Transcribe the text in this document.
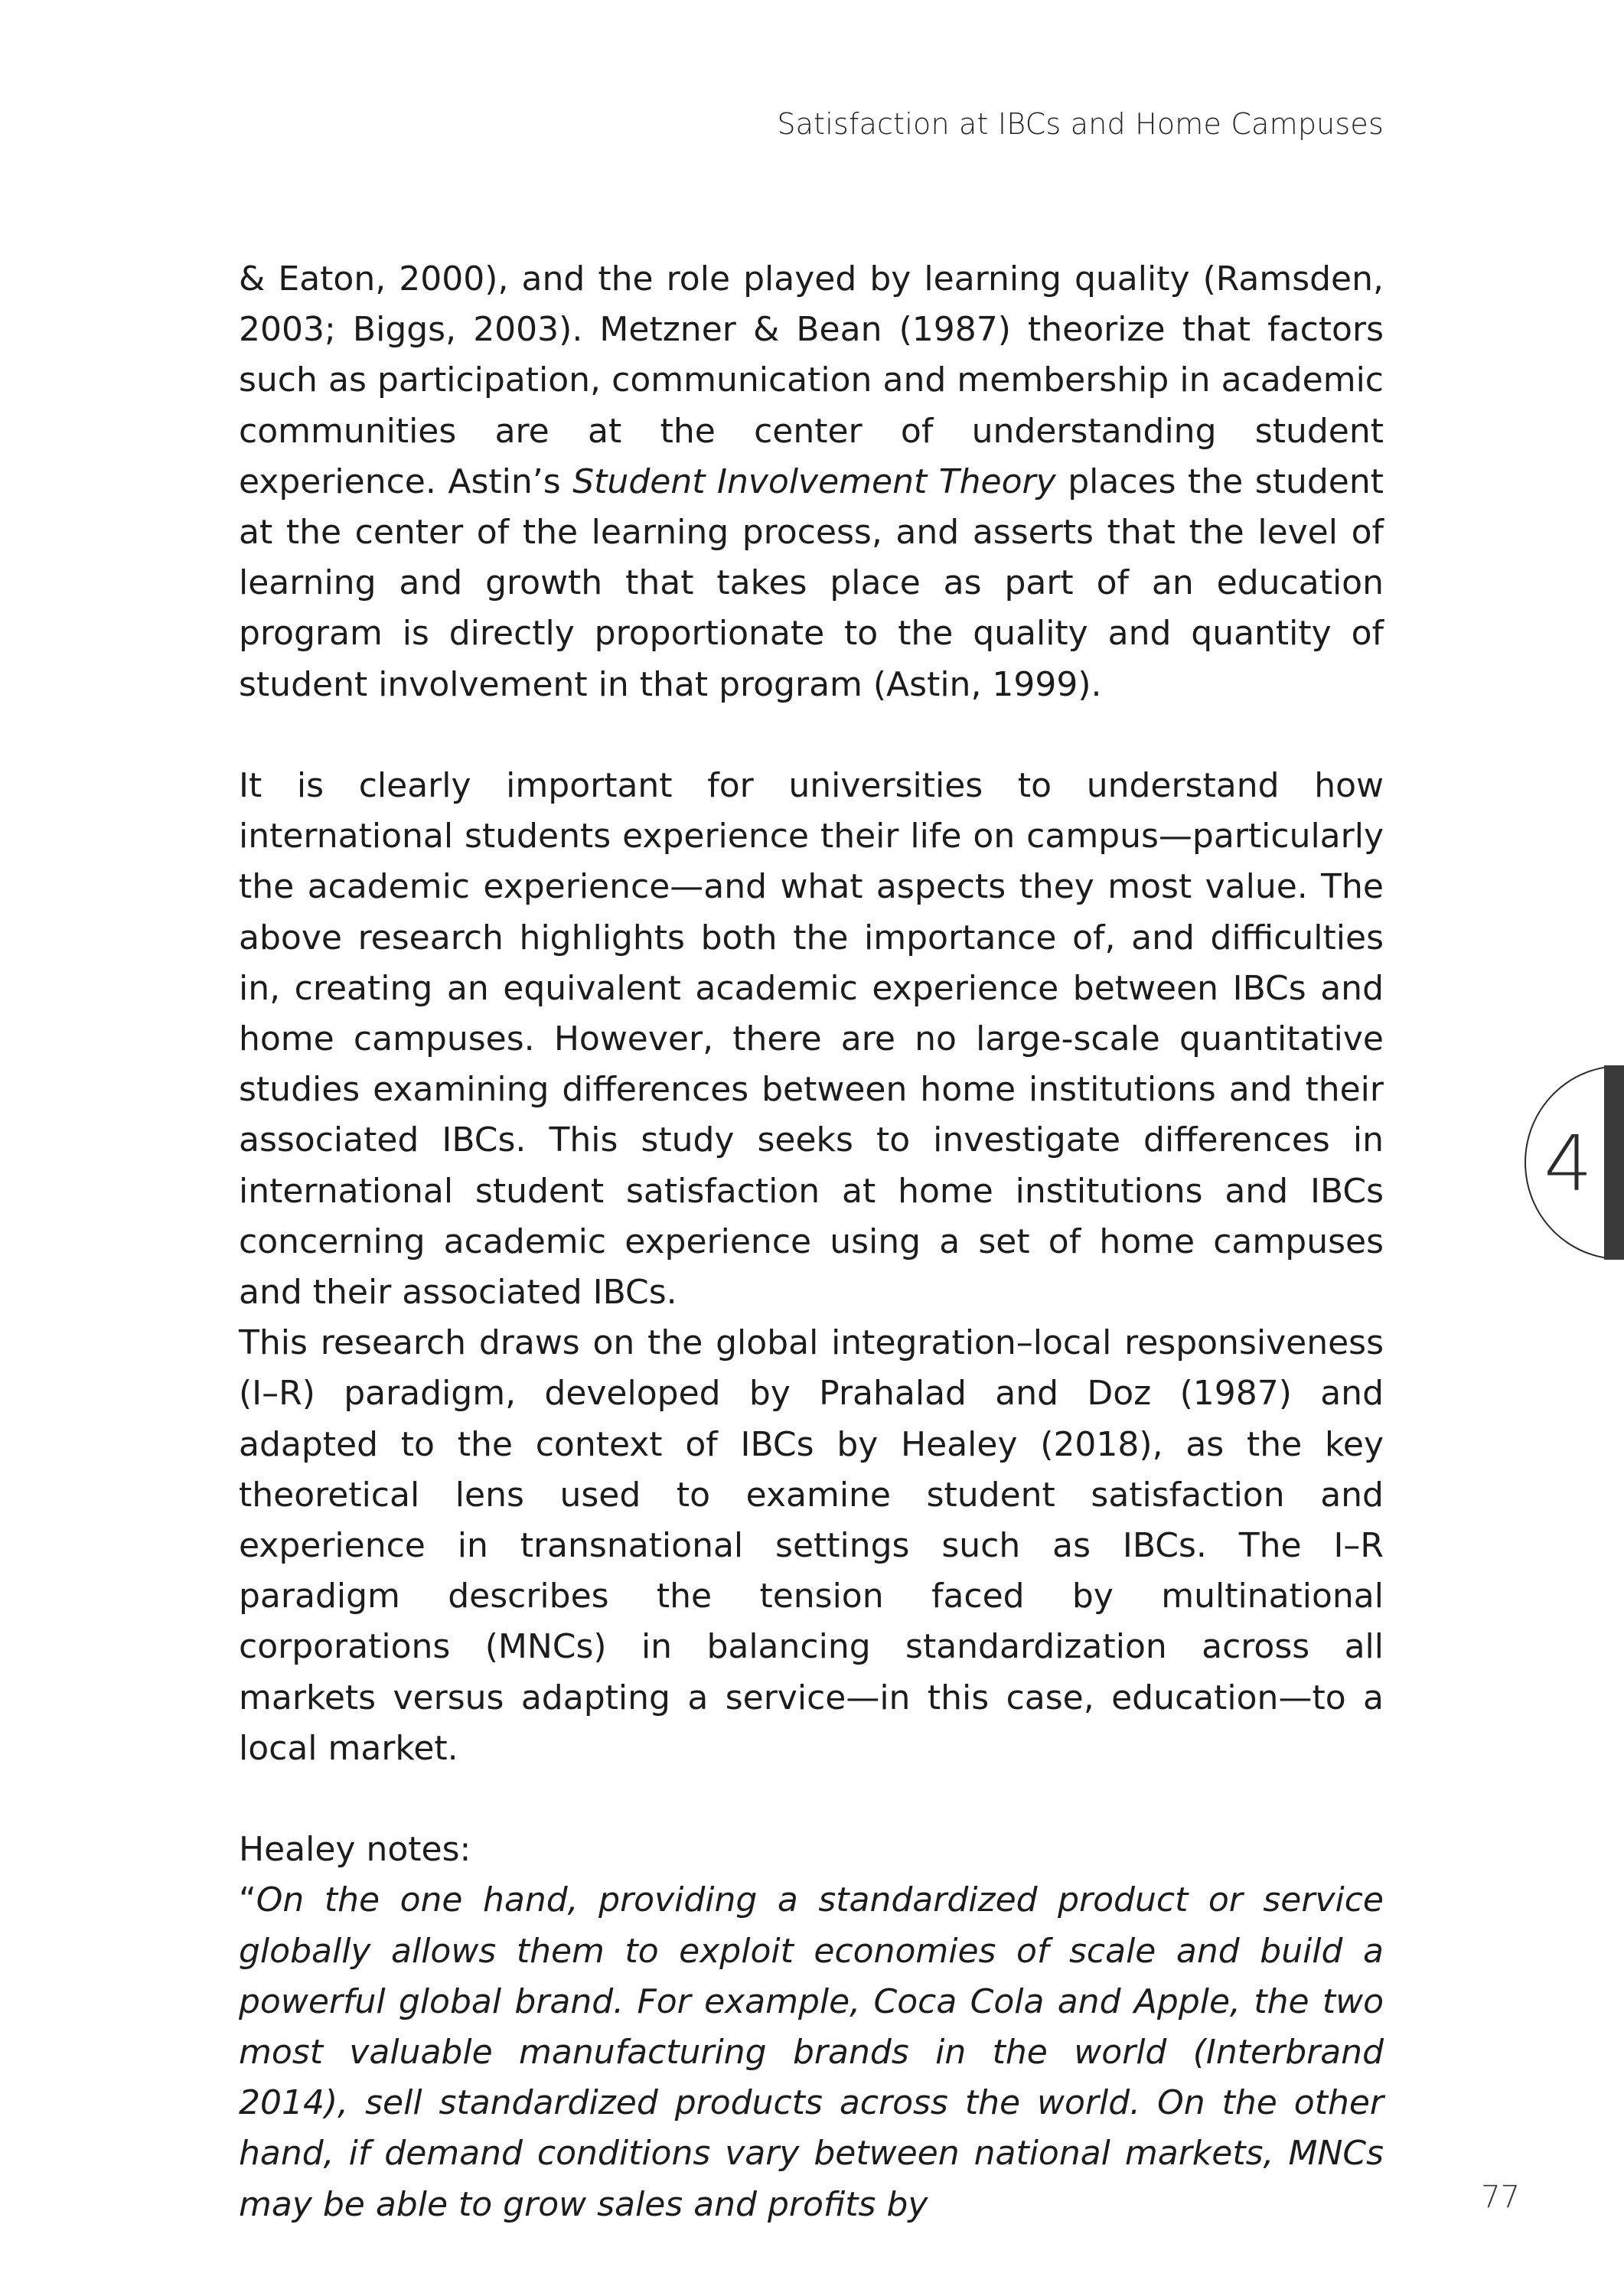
Satisfaction at IBCs and Home Campuses

& Eaton, 2000), and the role played by learning quality (Ramsden, 2003; Biggs, 2003). Metzner & Bean (1987) theorize that factors such as participation, communication and membership in academic communities are at the center of understanding student experience. Astin’s Student Involvement Theory places the student at the center of the learning process, and asserts that the level of learning and growth that takes place as part of an education program is directly proportionate to the quality and quantity of student involvement in that program (Astin, 1999).

It is clearly important for universities to understand how international students experience their life on campus—particularly the academic experience—and what aspects they most value. The above research highlights both the importance of, and difficulties in, creating an equivalent academic experience between IBCs and home campuses. However, there are no large-scale quantitative studies examining differences between home institutions and their associated IBCs. This study seeks to investigate differences in international student satisfaction at home institutions and IBCs concerning academic experience using a set of home campuses and their associated IBCs.

This research draws on the global integration–local responsiveness (I–R) paradigm, developed by Prahalad and Doz (1987) and adapted to the context of IBCs by Healey (2018), as the key theoretical lens used to examine student satisfaction and experience in transnational settings such as IBCs. The I–R paradigm describes the tension faced by multinational corporations (MNCs) in balancing standardization across all markets versus adapting a service—in this case, education—to a local market.

Healey notes:

“On the one hand, providing a standardized product or service globally allows them to exploit economies of scale and build a powerful global brand. For example, Coca Cola and Apple, the two most valuable manufacturing brands in the world (Interbrand 2014), sell standardized products across the world. On the other hand, if demand conditions vary between national markets, MNCs may be able to grow sales and profits by

4
77
